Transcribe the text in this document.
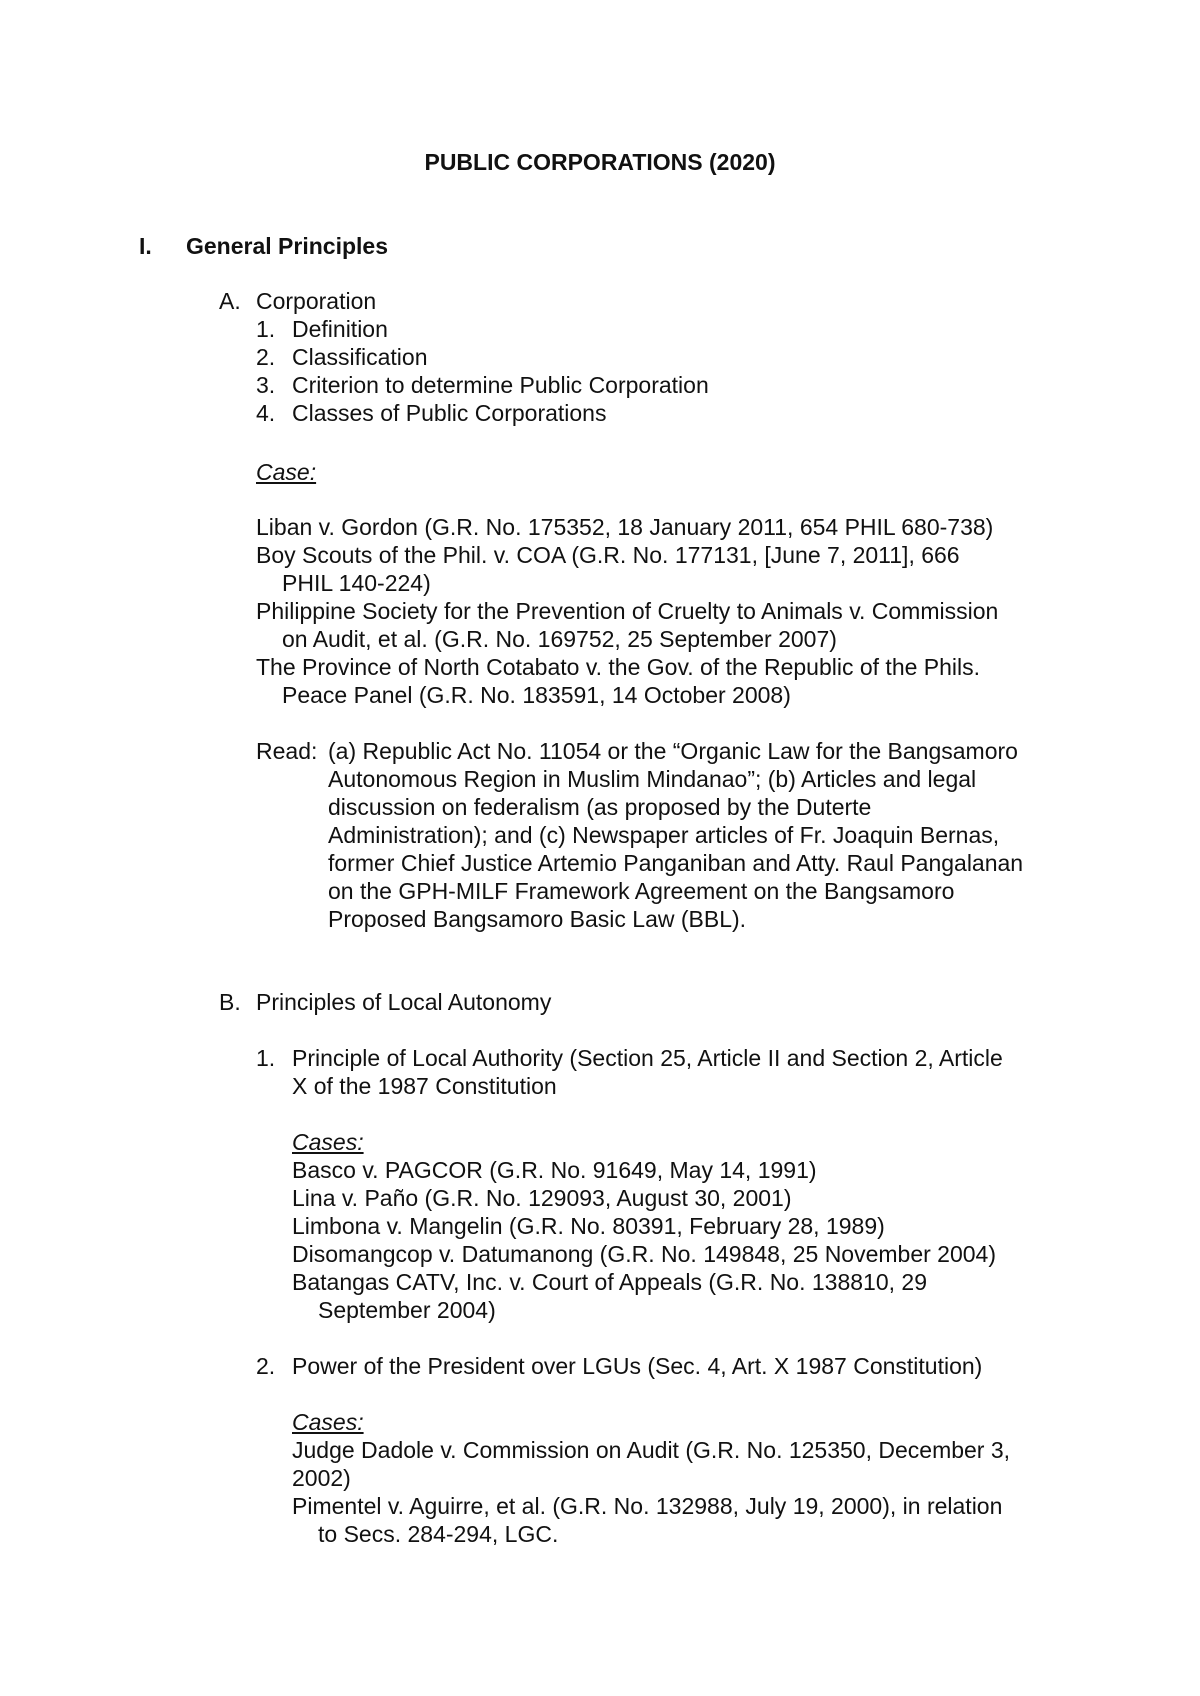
PUBLIC CORPORATIONS (2020)
I. General Principles
A. Corporation
1. Definition
2. Classification
3. Criterion to determine Public Corporation
4. Classes of Public Corporations
Case:
Liban v. Gordon (G.R. No. 175352, 18 January 2011, 654 PHIL 680-738)
Boy Scouts of the Phil. v. COA (G.R. No. 177131, [June 7, 2011], 666
PHIL 140-224)
Philippine Society for the Prevention of Cruelty to Animals v. Commission
on Audit, et al. (G.R. No. 169752, 25 September 2007)
The Province of North Cotabato v. the Gov. of the Republic of the Phils.
Peace Panel (G.R. No. 183591, 14 October 2008)
Read: (a) Republic Act No. 11054 or the “Organic Law for the Bangsamoro
Autonomous Region in Muslim Mindanao”; (b) Articles and legal
discussion on federalism (as proposed by the Duterte
Administration); and (c) Newspaper articles of Fr. Joaquin Bernas,
former Chief Justice Artemio Panganiban and Atty. Raul Pangalanan
on the GPH-MILF Framework Agreement on the Bangsamoro
Proposed Bangsamoro Basic Law (BBL).
B. Principles of Local Autonomy
1. Principle of Local Authority (Section 25, Article II and Section 2, Article
X of the 1987 Constitution
Cases:
Basco v. PAGCOR (G.R. No. 91649, May 14, 1991)
Lina v. Paño (G.R. No. 129093, August 30, 2001)
Limbona v. Mangelin (G.R. No. 80391, February 28, 1989)
Disomangcop v. Datumanong (G.R. No. 149848, 25 November 2004)
Batangas CATV, Inc. v. Court of Appeals (G.R. No. 138810, 29
September 2004)
2. Power of the President over LGUs (Sec. 4, Art. X 1987 Constitution)
Cases:
Judge Dadole v. Commission on Audit (G.R. No. 125350, December 3,
2002)
Pimentel v. Aguirre, et al. (G.R. No. 132988, July 19, 2000), in relation
to Secs. 284-294, LGC.
